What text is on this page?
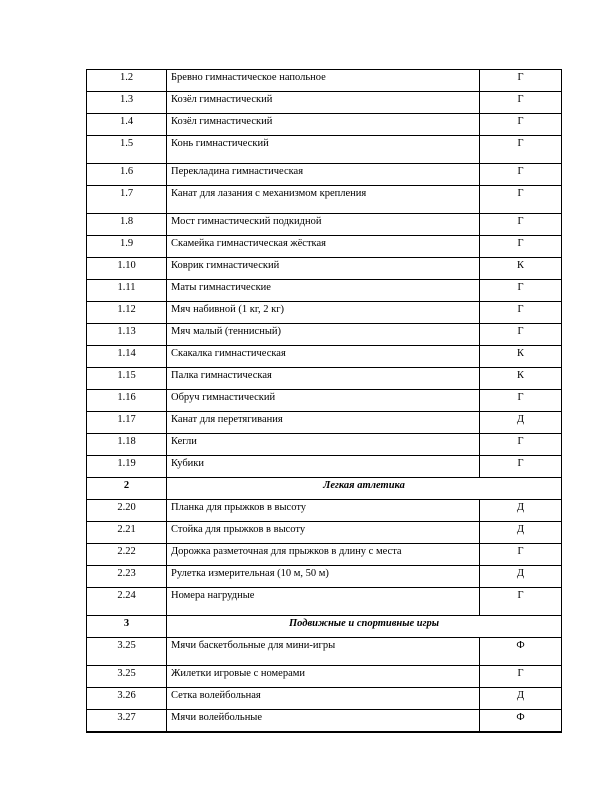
1.2	Бревно гимнастическое напольное	Г
1.3	Козёл гимнастический	Г
1.4	Козёл гимнастический	Г
1.5	Конь гимнастический	Г
1.6	Перекладина гимнастическая	Г
1.7	Канат для лазания с механизмом крепления	Г
1.8	Мост гимнастический подкидной	Г
1.9	Скамейка гимнастическая жёсткая	Г
1.10	Коврик гимнастический	К
1.11	Маты гимнастические	Г
1.12	Мяч набивной (1 кг, 2 кг)	Г
1.13	Мяч малый (теннисный)	Г
1.14	Скакалка гимнастическая	К
1.15	Палка гимнастическая	К
1.16	Обруч гимнастический	Г
1.17	Канат для перетягивания	Д
1.18	Кегли	Г
1.19	Кубики	Г
2	Легкая атлетика	
2.20	Планка для прыжков в высоту	Д
2.21	Стойка для прыжков в высоту	Д
2.22	Дорожка разметочная для прыжков в длину с места	Г
2.23	Рулетка измерительная (10 м, 50 м)	Д
2.24	Номера нагрудные	Г
3	Подвижные и спортивные игры	
3.25	Мячи баскетбольные для мини-игры	Ф
3.25	Жилетки игровые с номерами	Г
3.26	Сетка волейбольная	Д
3.27	Мячи волейбольные	Ф
